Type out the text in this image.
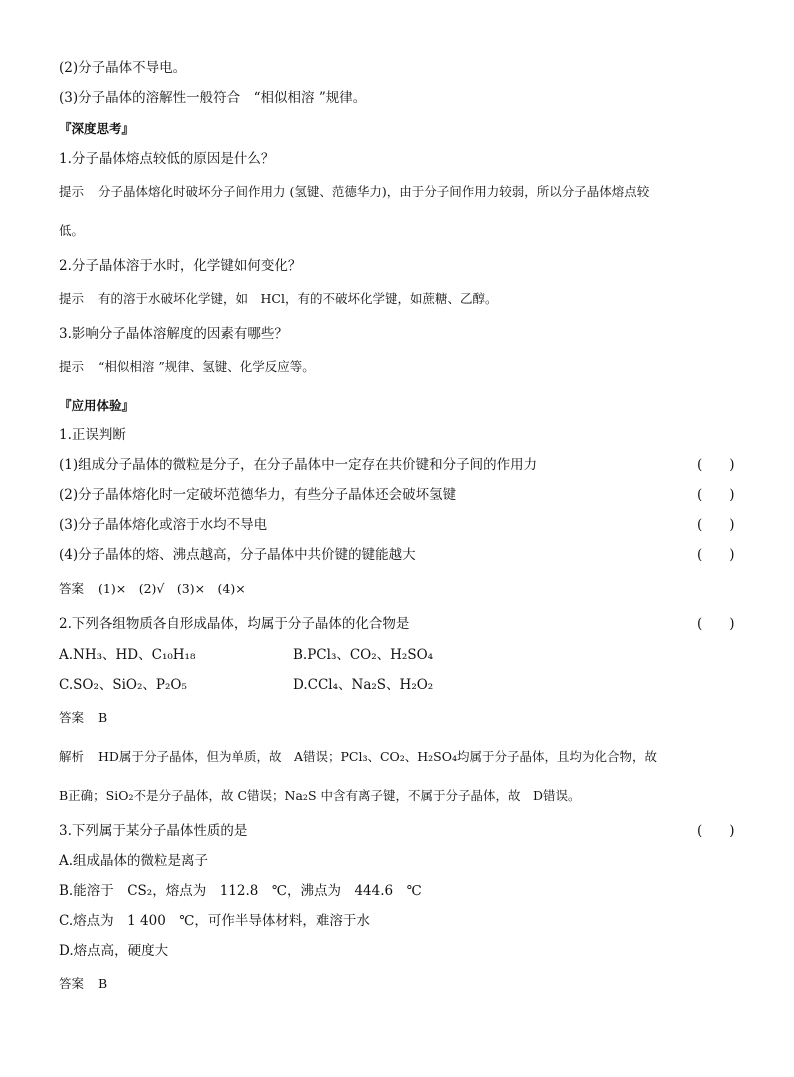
(2)分子晶体不导电。
(3)分子晶体的溶解性一般符合　“相似相溶 ”规律。
『深度思考』
1.分子晶体熔点较低的原因是什么？
提示 分子晶体熔化时破坏分子间作用力 (氢键、范德华力)，由于分子间作用力较弱，所以分子晶体熔点较
低。
2.分子晶体溶于水时，化学键如何变化？
提示 有的溶于水破坏化学键，如　HCl，有的不破坏化学键，如蔗糖、乙醇。
3.影响分子晶体溶解度的因素有哪些？
提示 “相似相溶 ”规律、氢键、化学反应等。
『应用体验』
1.正误判断
(1)组成分子晶体的微粒是分子，在分子晶体中一定存在共价键和分子间的作用力	(　　)
(2)分子晶体熔化时一定破坏范德华力，有些分子晶体还会破坏氢键	(　　)
(3)分子晶体熔化或溶于水均不导电	(　　)
(4)分子晶体的熔、沸点越高，分子晶体中共价键的键能越大	(　　)
答案 (1)×　(2)√　(3)×　(4)×
2.下列各组物质各自形成晶体，均属于分子晶体的化合物是	(　　)
A.NH₃、HD、C₁₀H₁₈	B.PCl₃、CO₂、H₂SO₄
C.SO₂、SiO₂、P₂O₅	D.CCl₄、Na₂S、H₂O₂
答案 B
解析 HD属于分子晶体，但为单质，故　A错误；PCl₃、CO₂、H₂SO₄均属于分子晶体，且均为化合物，故
B正确；SiO₂不是分子晶体，故 C错误；Na₂S 中含有离子键，不属于分子晶体，故　D错误。
3.下列属于某分子晶体性质的是	(　　)
A.组成晶体的微粒是离子
B.能溶于　CS₂，熔点为　112.8　℃，沸点为　444.6　℃
C.熔点为　1 400　℃，可作半导体材料，难溶于水
D.熔点高，硬度大
答案 B
